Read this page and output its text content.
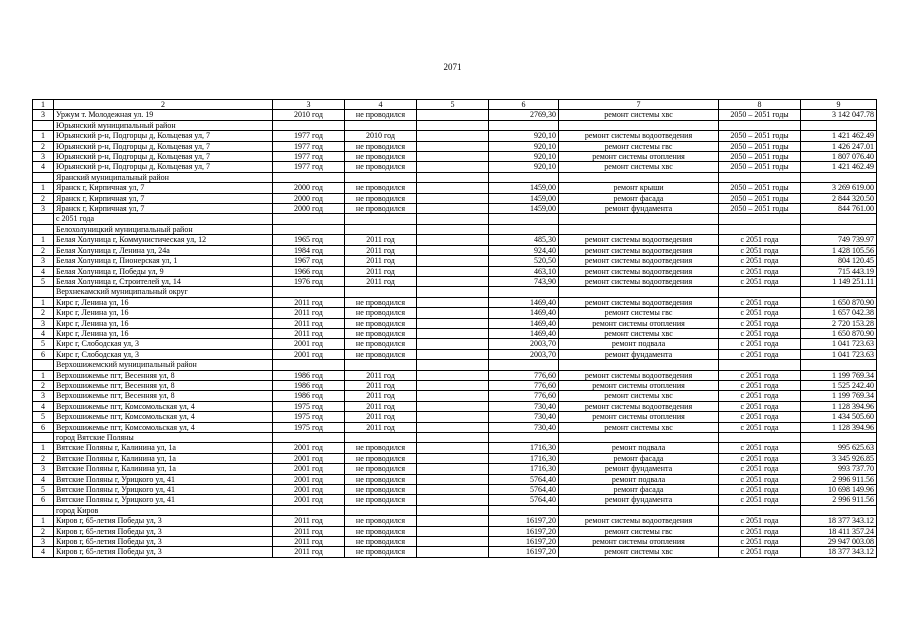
2071
1	2	3	4	5	6	7	8	9
3	Уржум т. Молодежная ул. 19	2010 год	не проводился		2769,30	ремонт системы хвс	2050 – 2051 годы	3 142 047.78
	Юрьянский муниципальный район							
1	Юрьянский р-н, Подгорцы д, Кольцевая ул, 7	1977 год	2010 год		920,10	ремонт системы водоотведения	2050 – 2051 годы	1 421 462.49
2	Юрьянский р-н, Подгорцы д, Кольцевая ул, 7	1977 год	не проводился		920,10	ремонт системы гвс	2050 – 2051 годы	1 426 247.01
3	Юрьянский р-н, Подгорцы д, Кольцевая ул, 7	1977 год	не проводился		920,10	ремонт системы отопления	2050 – 2051 годы	1 807 076.40
4	Юрьянский р-н, Подгорцы д, Кольцевая ул, 7	1977 год	не проводился		920,10	ремонт системы хвс	2050 – 2051 годы	1 421 462.49
	Яранский муниципальный район							
1	Яранск г, Кирпичная ул, 7	2000 год	не проводился		1459,00	ремонт крыши	2050 – 2051 годы	3 269 619.00
2	Яранск г, Кирпичная ул, 7	2000 год	не проводился		1459,00	ремонт фасада	2050 – 2051 годы	2 844 320.50
3	Яранск г, Кирпичная ул, 7	2000 год	не проводился		1459,00	ремонт фундамента	2050 – 2051 годы	844 761.00
	с 2051 года							
	Белохолуницкий муниципальный район							
1	Белая Холуница г, Коммунистическая ул, 12	1965 год	2011 год		485,30	ремонт системы водоотведения	с 2051 года	749 739.97
2	Белая Холуница г, Ленина ул, 24а	1984 год	2011 год		924,40	ремонт системы водоотведения	с 2051 года	1 428 105.56
3	Белая Холуница г, Пионерская ул, 1	1967 год	2011 год		520,50	ремонт системы водоотведения	с 2051 года	804 120.45
4	Белая Холуница г, Победы ул, 9	1966 год	2011 год		463,10	ремонт системы водоотведения	с 2051 года	715 443.19
5	Белая Холуница г, Строителей ул, 14	1976 год	2011 год		743,90	ремонт системы водоотведения	с 2051 года	1 149 251.11
	Верхнекамский муниципальный округ							
1	Кирс г, Ленина ул, 16	2011 год	не проводился		1469,40	ремонт системы водоотведения	с 2051 года	1 650 870.90
2	Кирс г, Ленина ул, 16	2011 год	не проводился		1469,40	ремонт системы гвс	с 2051 года	1 657 042.38
3	Кирс г, Ленина ул, 16	2011 год	не проводился		1469,40	ремонт системы отопления	с 2051 года	2 720 153.28
4	Кирс г, Ленина ул, 16	2011 год	не проводился		1469,40	ремонт системы хвс	с 2051 года	1 650 870.90
5	Кирс г, Слободская ул, 3	2001 год	не проводился		2003,70	ремонт подвала	с 2051 года	1 041 723.63
6	Кирс г, Слободская ул, 3	2001 год	не проводился		2003,70	ремонт фундамента	с 2051 года	1 041 723.63
	Верхошижемский муниципальный район							
1	Верхошижемье пгт, Весенняя ул, 8	1986 год	2011 год		776,60	ремонт системы водоотведения	с 2051 года	1 199 769.34
2	Верхошижемье пгт, Весенняя ул, 8	1986 год	2011 год		776,60	ремонт системы отопления	с 2051 года	1 525 242.40
3	Верхошижемье пгт, Весенняя ул, 8	1986 год	2011 год		776,60	ремонт системы хвс	с 2051 года	1 199 769.34
4	Верхошижемье пгт, Комсомольская ул, 4	1975 год	2011 год		730,40	ремонт системы водоотведения	с 2051 года	1 128 394.96
5	Верхошижемье пгт, Комсомольская ул, 4	1975 год	2011 год		730,40	ремонт системы отопления	с 2051 года	1 434 505.60
6	Верхошижемье пгт, Комсомольская ул, 4	1975 год	2011 год		730,40	ремонт системы хвс	с 2051 года	1 128 394.96
	город Вятские Поляны							
1	Вятские Поляны г, Калинина ул, 1а	2001 год	не проводился		1716,30	ремонт подвала	с 2051 года	995 625.63
2	Вятские Поляны г, Калинина ул, 1а	2001 год	не проводился		1716,30	ремонт фасада	с 2051 года	3 345 926.85
3	Вятские Поляны г, Калинина ул, 1а	2001 год	не проводился		1716,30	ремонт фундамента	с 2051 года	993 737.70
4	Вятские Поляны г, Урицкого ул, 41	2001 год	не проводился		5764,40	ремонт подвала	с 2051 года	2 996 911.56
5	Вятские Поляны г, Урицкого ул, 41	2001 год	не проводился		5764,40	ремонт фасада	с 2051 года	10 698 149.96
6	Вятские Поляны г, Урицкого ул, 41	2001 год	не проводился		5764,40	ремонт фундамента	с 2051 года	2 996 911.56
	город Киров							
1	Киров г, 65-летия Победы ул, 3	2011 год	не проводился		16197,20	ремонт системы водоотведения	с 2051 года	18 377 343.12
2	Киров г, 65-летия Победы ул, 3	2011 год	не проводился		16197,20	ремонт системы гвс	с 2051 года	18 411 357.24
3	Киров г, 65-летия Победы ул, 3	2011 год	не проводился		16197,20	ремонт системы отопления	с 2051 года	29 947 003.08
4	Киров г, 65-летия Победы ул, 3	2011 год	не проводился		16197,20	ремонт системы хвс	с 2051 года	18 377 343.12
